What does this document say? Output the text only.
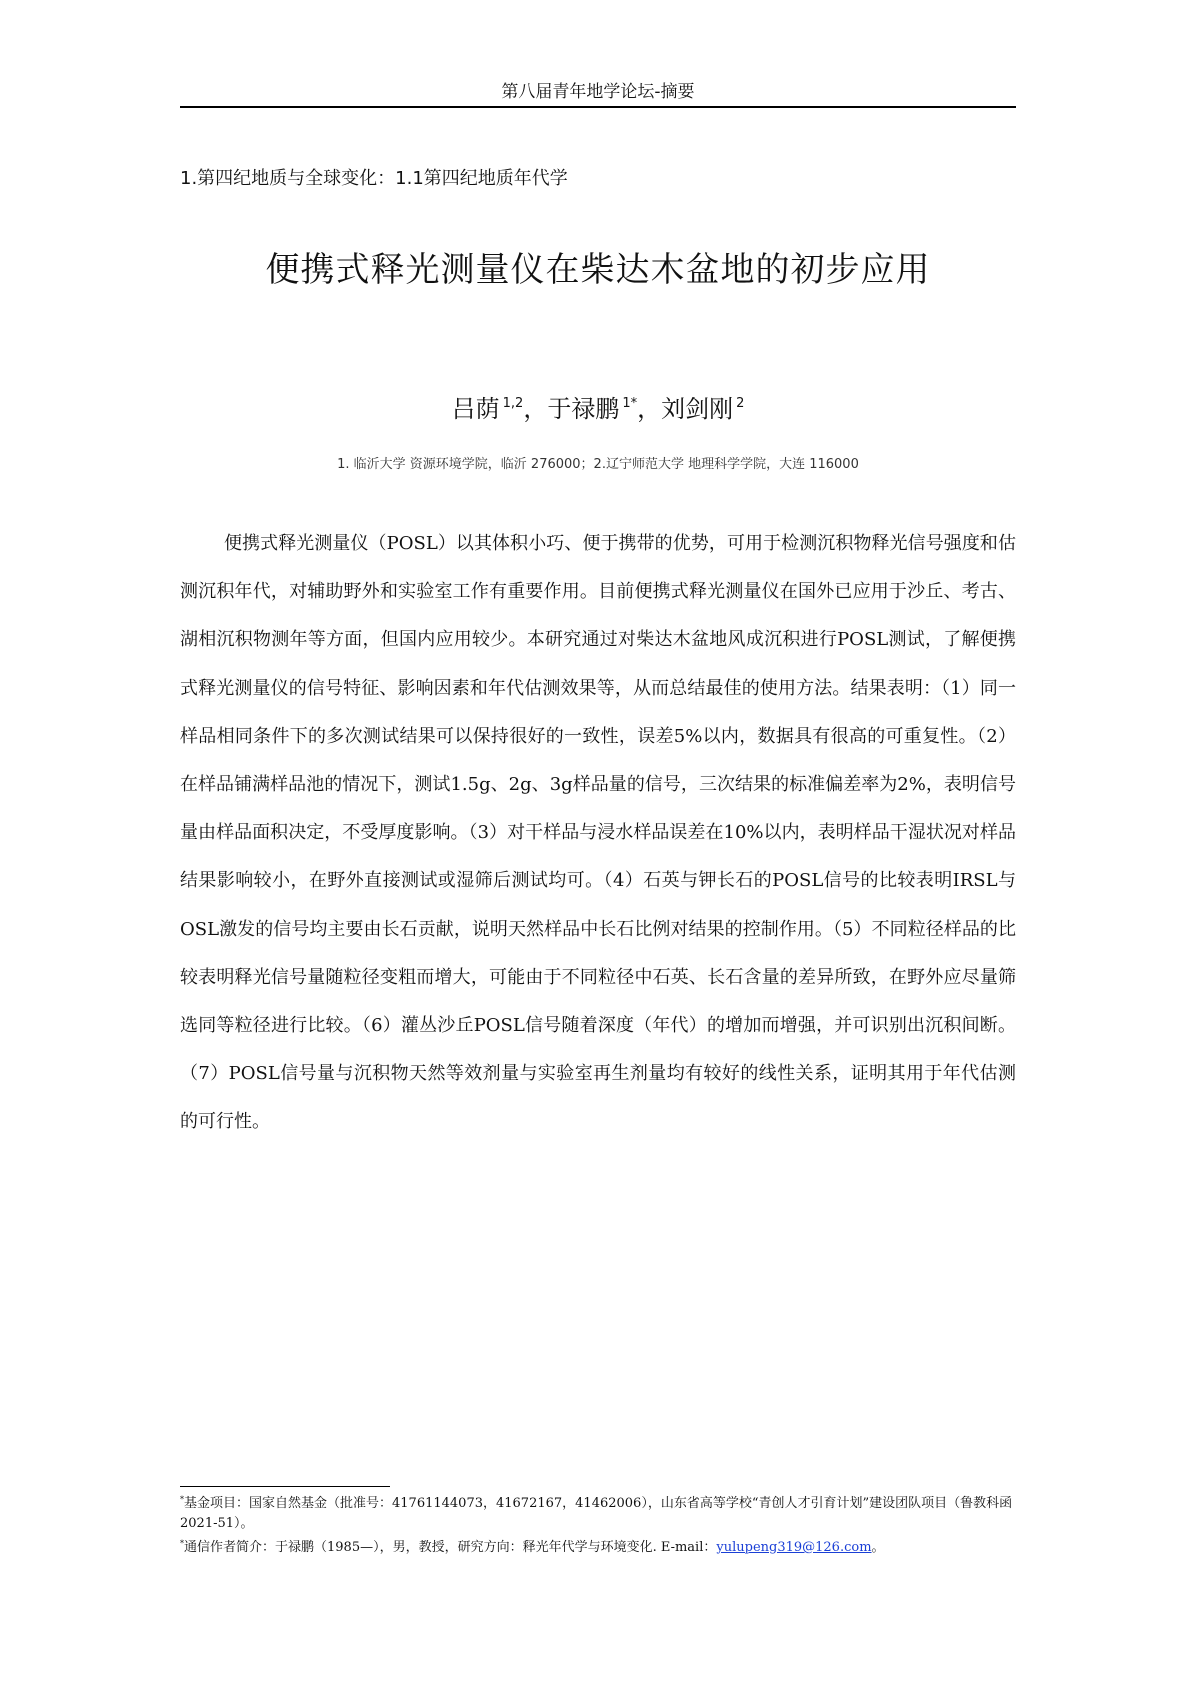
第八届青年地学论坛-摘要
1.第四纪地质与全球变化：1.1第四纪地质年代学
便携式释光测量仪在柴达木盆地的初步应用
吕荫 $^{1,2}$，于禄鹏 $^{1*}$，刘剑刚 $^2$
1. 临沂大学 资源环境学院，临沂 276000；2.辽宁师范大学 地理科学学院，大连 116000

便携式释光测量仪（POSL）以其体积小巧、便于携带的优势，可用于检测沉积物释光信号强度和估测沉积年代，对辅助野外和实验室工作有重要作用。目前便携式释光测量仪在国外已应用于沙丘、考古、湖相沉积物测年等方面，但国内应用较少。本研究通过对柴达木盆地风成沉积进行POSL测试，了解便携式释光测量仪的信号特征、影响因素和年代估测效果等，从而总结最佳的使用方法。结果表明：（1）同一样品相同条件下的多次测试结果可以保持很好的一致性，误差5%以内，数据具有很高的可重复性。（2）在样品铺满样品池的情况下，测试1.5g、2g、3g样品量的信号，三次结果的标准偏差率为2%，表明信号量由样品面积决定，不受厚度影响。（3）对干样品与浸水样品误差在10%以内，表明样品干湿状况对样品结果影响较小，在野外直接测试或湿筛后测试均可。（4）石英与钾长石的POSL信号的比较表明IRSL与OSL激发的信号均主要由长石贡献，说明天然样品中长石比例对结果的控制作用。（5）不同粒径样品的比较表明释光信号量随粒径变粗而增大，可能由于不同粒径中石英、长石含量的差异所致，在野外应尽量筛选同等粒径进行比较。（6）灌丛沙丘POSL信号随着深度（年代）的增加而增强，并可识别出沉积间断。（7）POSL信号量与沉积物天然等效剂量与实验室再生剂量均有较好的线性关系，证明其用于年代估测的可行性。

*基金项目：国家自然基金（批准号：41761144073，41672167，41462006），山东省高等学校“青创人才引育计划”建设团队项目（鲁教科函2021-51）。

*通信作者简介：于禄鹏（1985—），男，教授，研究方向：释光年代学与环境变化. E-mail：yulupeng319@126.com。
